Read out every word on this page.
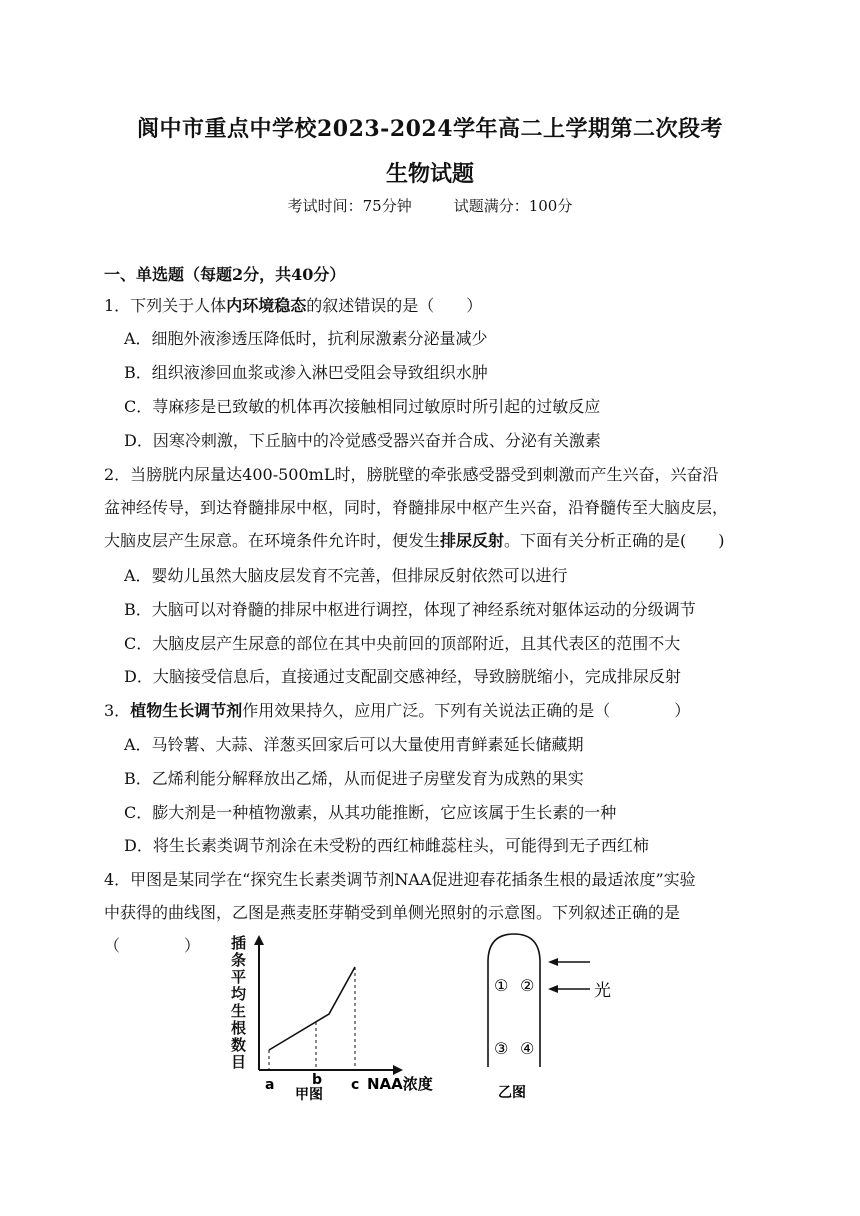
阆中市重点中学校2023-2024学年高二上学期第二次段考
生物试题
考试时间：75分钟	试题满分：100分
一、单选题（每题2分，共40分）
1．下列关于人体内环境稳态的叙述错误的是（　　）
A．细胞外液渗透压降低时，抗利尿激素分泌量减少
B．组织液渗回血浆或渗入淋巴受阻会导致组织水肿
C．荨麻疹是已致敏的机体再次接触相同过敏原时所引起的过敏反应
D．因寒冷刺激，下丘脑中的冷觉感受器兴奋并合成、分泌有关激素
2．当膀胱内尿量达400-500mL时，膀胱壁的牵张感受器受到刺激而产生兴奋，兴奋沿
盆神经传导，到达脊髓排尿中枢，同时，脊髓排尿中枢产生兴奋，沿脊髓传至大脑皮层，
大脑皮层产生尿意。在环境条件允许时，便发生排尿反射。下面有关分析正确的是(　　)
A．婴幼儿虽然大脑皮层发育不完善，但排尿反射依然可以进行
B．大脑可以对脊髓的排尿中枢进行调控，体现了神经系统对躯体运动的分级调节
C．大脑皮层产生尿意的部位在其中央前回的顶部附近，且其代表区的范围不大
D．大脑接受信息后，直接通过支配副交感神经，导致膀胱缩小，完成排尿反射
3．植物生长调节剂作用效果持久，应用广泛。下列有关说法正确的是（　　　　）
A．马铃薯、大蒜、洋葱买回家后可以大量使用青鲜素延长储藏期
B．乙烯利能分解释放出乙烯，从而促进子房壁发育为成熟的果实
C．膨大剂是一种植物激素，从其功能推断，它应该属于生长素的一种
D．将生长素类调节剂涂在未受粉的西红柿雌蕊柱头，可能得到无子西红柿
4．甲图是某同学在“探究生长素类调节剂NAA促进迎春花插条生根的最适浓度”实验
中获得的曲线图，乙图是燕麦胚芽鞘受到单侧光照射的示意图。下列叙述正确的是
（　　　　） 插
条
平
均
生
根
数
目
a	b c NAA浓度
甲图
① ②
③ ④
光
乙图
